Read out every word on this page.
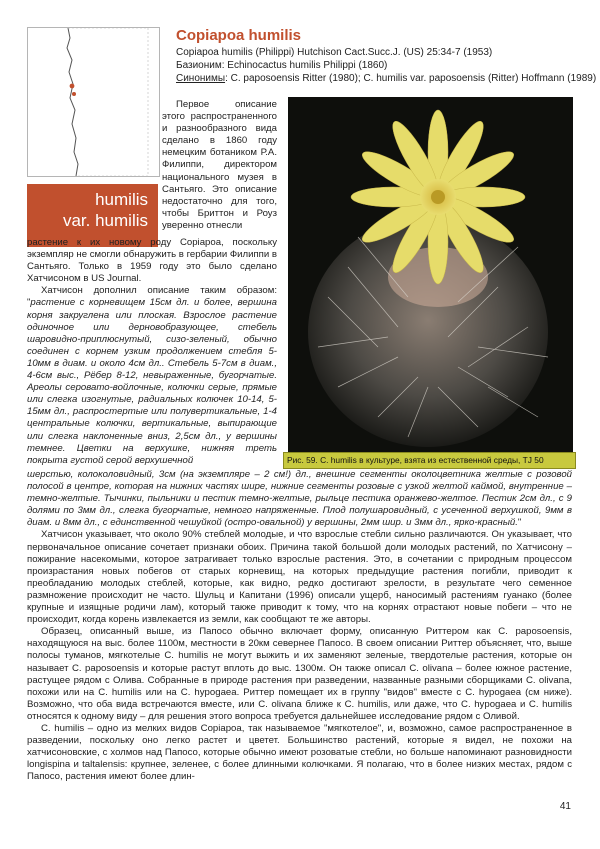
humilis
var. humilis
Copiapoa humilis
Copiapoa humilis (Philippi) Hutchison Cact.Succ.J. (US) 25:34-7 (1953)
Базионим: Echinocactus humilis Philippi (1860)
Синонимы: C. paposoensis Ritter (1980); C. humilis var. paposoensis (Ritter) Hoffmann (1989)
Рис. 59. C. humilis в культуре, взята из естественной среды, TJ 50

Первое описание этого распространенного и разнообразного вида сделано в 1860 году немецким ботаником Р.А. Филиппи, директором национального музея в Сантьяго. Это описание недостаточно для того, чтобы Бриттон и Роуз уверенно отнесли

растение к их новому роду Copiapoa, поскольку экземпляр не смогли обнаружить в гербарии Филиппи в Сантьяго. Только в 1959 году это было сделано Хатчисоном в US Journal.

Хатчисон дополнил описание таким образом: "растение с корневищем 15см дл. и более, вершина корня закруглена или плоская. Взрослое растение одиночное или дерновобразующее, стебель шаровидно-приплюснутый, сизо-зеленый, обычно соединен с корнем узким продолжением стебля 5-10мм в диам. и около 4см дл.. Стебель 5-7см в диам., 4-6см выс., Рёбер 8-12, невыраженные, бугорчатые. Ареолы серовато-войлочные, колючки серые, прямые или слегка изогнутые, радиальных колючек 10-14, 5-15мм дл., распростертые или полувертикальные, 1-4 центральные колючки, вертикальные, выпирающие или слегка наклоненные вниз, 2,5см дл., у вершины темнее. Цветки на верхушке, нижняя треть покрыта густой серой верхушечной

шерстью, колоколовидный, 3см (на экземпляре – 2 см!) дл., внешние сегменты околоцветника желтые с розовой полосой в центре, которая на нижних частях шире, нижние сегменты розовые с узкой желтой каймой, внутренние – темно-желтые. Тычинки, пыльники и пестик темно-желтые, рыльце пестика оранжево-желтое. Пестик 2см дл., с 9 долями по 3мм дл., слегка бугорчатые, немного напряженные. Плод полушаровидный, с усеченной верхушкой, 9мм в диам. и 8мм дл., с единственной чешуйкой (остро-овальной) у вершины, 2мм шир. и 3мм дл., ярко-красный."

Хатчисон указывает, что около 90% стеблей молодые, и что взрослые стебли сильно различаются. Он указывает, что первоначальное описание сочетает признаки обоих. Причина такой большой доли молодых растений, по Хатчисону – пожирание насекомыми, которое затрагивает только взрослые растения. Это, в сочетании с природным процессом произрастания новых побегов от старых корневищ, на которых предыдущие растения погибли, приводит к преобладанию молодых стеблей, которые, как видно, редко достигают зрелости, в результате чего семенное размножение происходит не часто. Шульц и Капитани (1996) описали ущерб, наносимый растениям гуанако (более крупные и изящные родичи лам), который также приводит к тому, что на корнях отрастают новые побеги – что не происходит, когда корень извлекается из земли, как сообщают те же авторы.

Образец, описанный выше, из Папосо обычно включает форму, описанную Риттером как C. paposoensis, находящуюся на выс. более 1100м, местности в 20км севернее Папосо. В своем описании Риттер объясняет, что, выше полосы туманов, мягкотелые C. humilis не могут выжить и их заменяют зеленые, твердотелые растения, которые он называет C. paposoensis и которые растут вплоть до выс. 1300м. Он также описал C. olivana – более южное растение, растущее рядом с Олива. Собранные в природе растения при разведении, названные разными сборщиками C. olivana, похожи или на C. humilis или на C. hypogaea. Риттер помещает их в группу "видов" вместе с C. hypogaea (см ниже). Возможно, что оба вида встречаются вместе, или C. olivana ближе к C. humilis, или даже, что C. hypogaea и C. humilis относятся к одному виду – для решения этого вопроса требуется дальнейшее исследование рядом с Оливой.

C. humilis – одно из мелких видов Copiapoa, так называемое "мягкотелое", и, возможно, самое распространенное в разведении, поскольку оно легко растет и цветет. Большинство растений, которые я видел, не похожи на хатчисоновские, с холмов над Папосо, которые обычно имеют розоватые стебли, но больше напоминают разновидности longispina и taltalensis: крупнее, зеленее, с более длинными колючками. Я полагаю, что в более низких местах, рядом с Папосо, растения имеют более длин-

41
